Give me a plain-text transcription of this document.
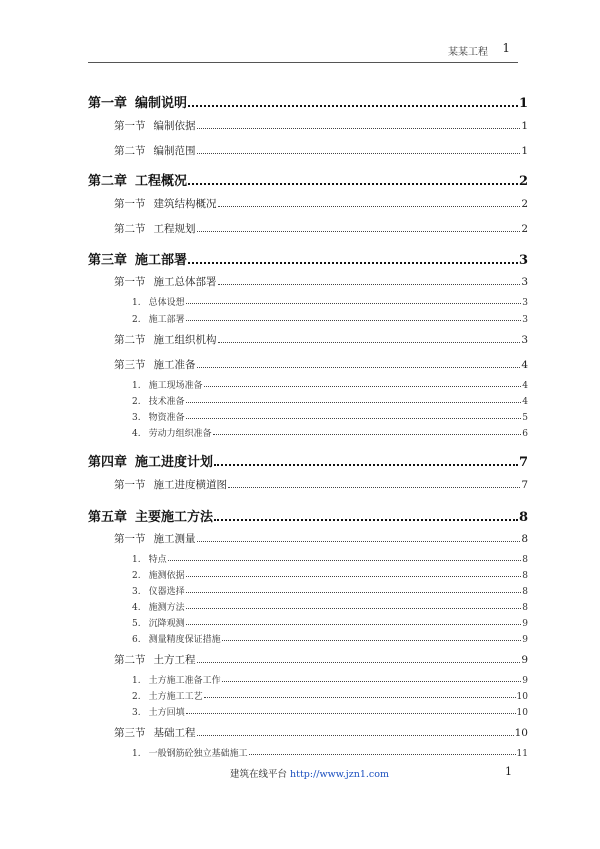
某某工程 1
第一章 编制说明	1
第一节 编制依据	1
第二节 编制范围	1
第二章 工程概况	2
第一节 建筑结构概况	2
第二节 工程规划	2
第三章 施工部署	3
第一节 施工总体部署	3
1. 总体设想	3
2. 施工部署	3
第二节 施工组织机构	3
第三节 施工准备	4
1. 施工现场准备	4
2. 技术准备	4
3. 物资准备	5
4. 劳动力组织准备	6
第四章 施工进度计划	7
第一节 施工进度横道图	7
第五章 主要施工方法	8
第一节 施工测量	8
1. 特点	8
2. 施测依据	8
3. 仪器选择	8
4. 施测方法	8
5. 沉降观测	9
6. 测量精度保证措施	9
第二节 土方工程	9
1. 土方施工准备工作	9
2. 土方施工工艺	10
3. 土方回填	10
第三节 基础工程	10
1. 一般钢筋砼独立基础施工	11
建筑在线平台 http://www.jzn1.com	1
